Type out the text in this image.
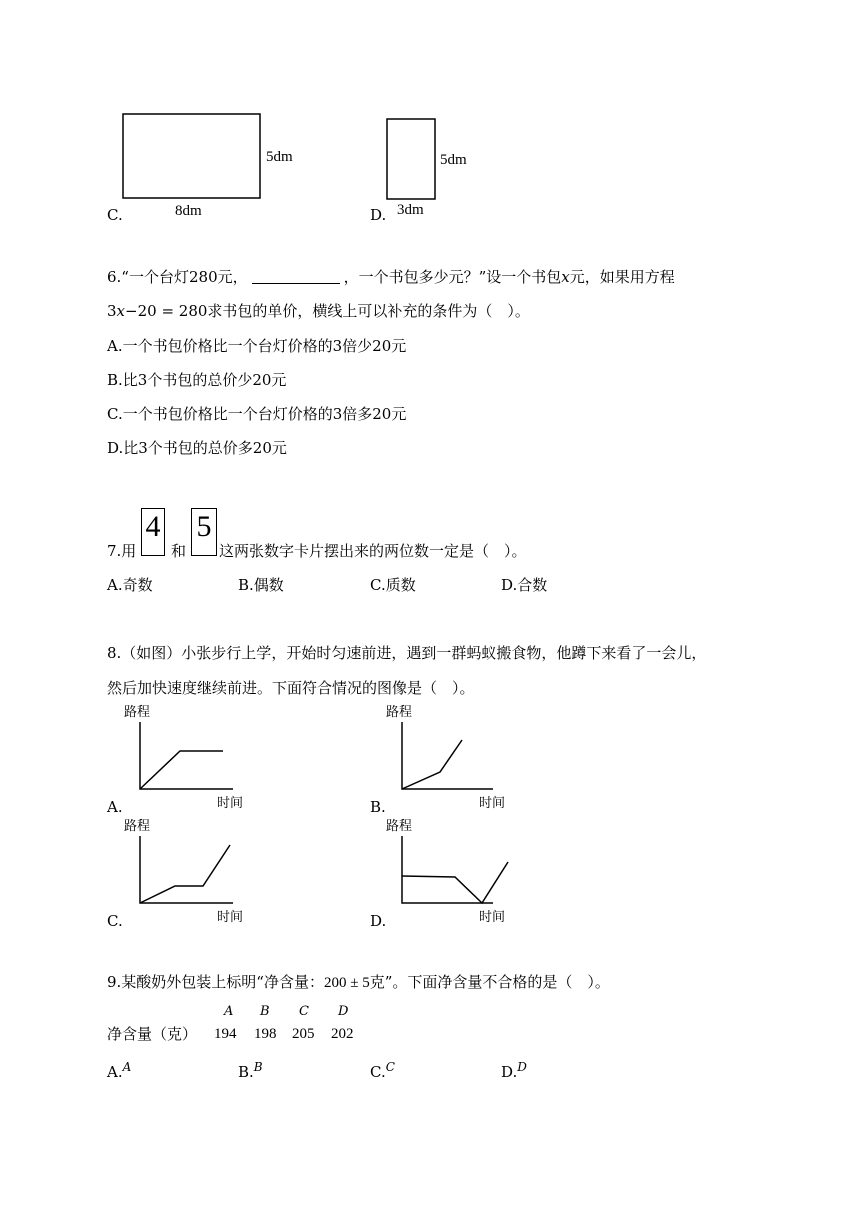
C.	8dm
5dm
D. 3dm
5dm
6.“一个台灯280元，	，一个书包多少元？”设一个书包x元，如果用方程
3x−20 = 280求书包的单价，横线上可以补充的条件为（　）。
A.一个书包价格比一个台灯价格的3倍少20元
B.比3个书包的总价少20元
C.一个书包价格比一个台灯价格的3倍多20元
D.比3个书包的总价多20元
7.用
4
和
5
这两张数字卡片摆出来的两位数一定是（　）。
A.奇数	B.偶数	C.质数	D.合数
8.（如图）小张步行上学，开始时匀速前进，遇到一群蚂蚁搬食物，他蹲下来看了一会儿，
然后加快速度继续前进。下面符合情况的图像是（　）。
路程
时间
A.
路程
时间
B.
路程
时间
C.
路程
时间
D.
9.某酸奶外包装上标明“净含量：200 ± 5克”。下面净含量不合格的是（　）。
A B C D
净含量（克） 194 198 205 202
A.$^A$	B.$^B$	C.$^C$	D.$^D$
